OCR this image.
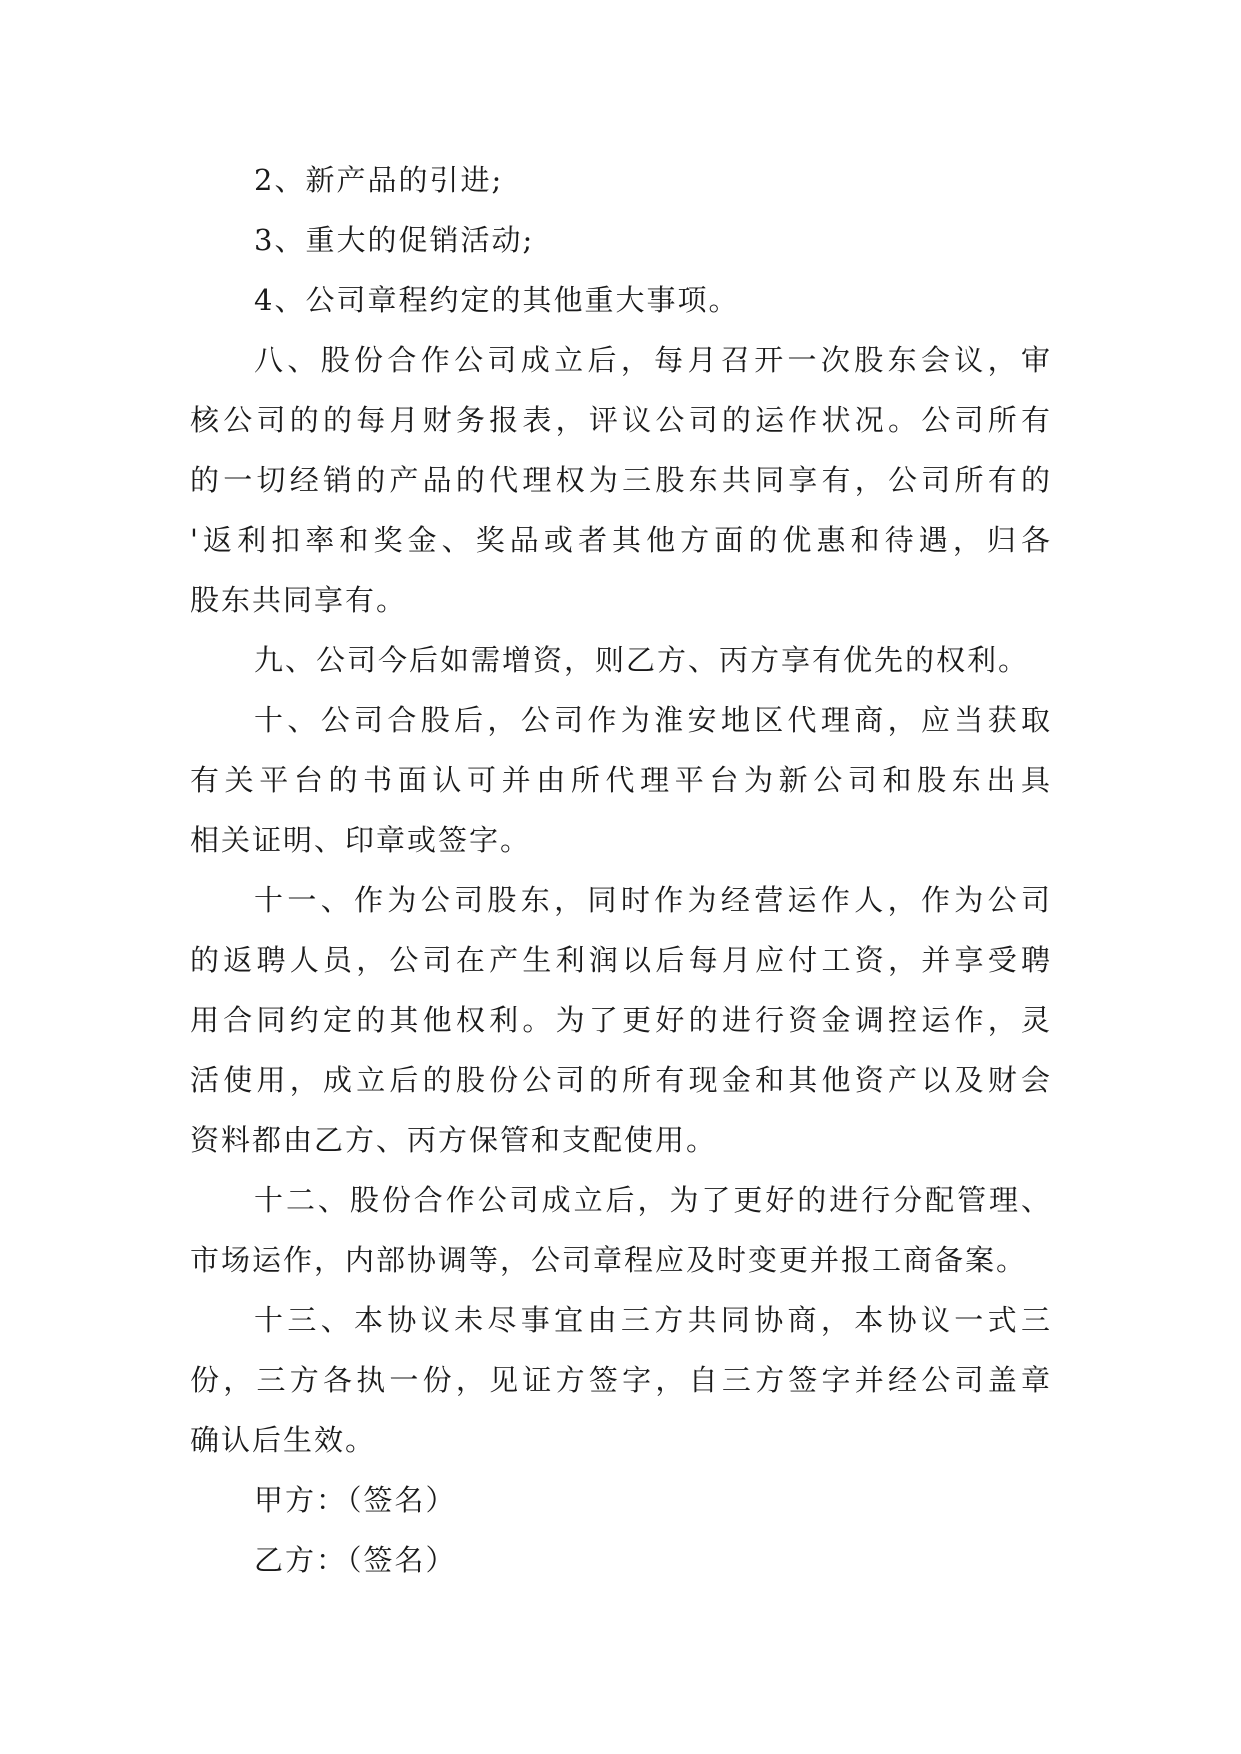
2、新产品的引进;
3、重大的促销活动;
4、公司章程约定的其他重大事项。
八、股份合作公司成立后，每月召开一次股东会议，审
核公司的的每月财务报表，评议公司的运作状况。公司所有
的一切经销的产品的代理权为三股东共同享有，公司所有的
'返利扣率和奖金、奖品或者其他方面的优惠和待遇，归各
股东共同享有。
九、公司今后如需增资，则乙方、丙方享有优先的权利。
十、公司合股后，公司作为淮安地区代理商，应当获取
有关平台的书面认可并由所代理平台为新公司和股东出具
相关证明、印章或签字。
十一、作为公司股东，同时作为经营运作人，作为公司
的返聘人员，公司在产生利润以后每月应付工资，并享受聘
用合同约定的其他权利。为了更好的进行资金调控运作，灵
活使用，成立后的股份公司的所有现金和其他资产以及财会
资料都由乙方、丙方保管和支配使用。
十二、股份合作公司成立后，为了更好的进行分配管理、
市场运作，内部协调等，公司章程应及时变更并报工商备案。
十三、本协议未尽事宜由三方共同协商，本协议一式三
份，三方各执一份，见证方签字，自三方签字并经公司盖章
确认后生效。
甲方：（签名）
乙方：（签名）
